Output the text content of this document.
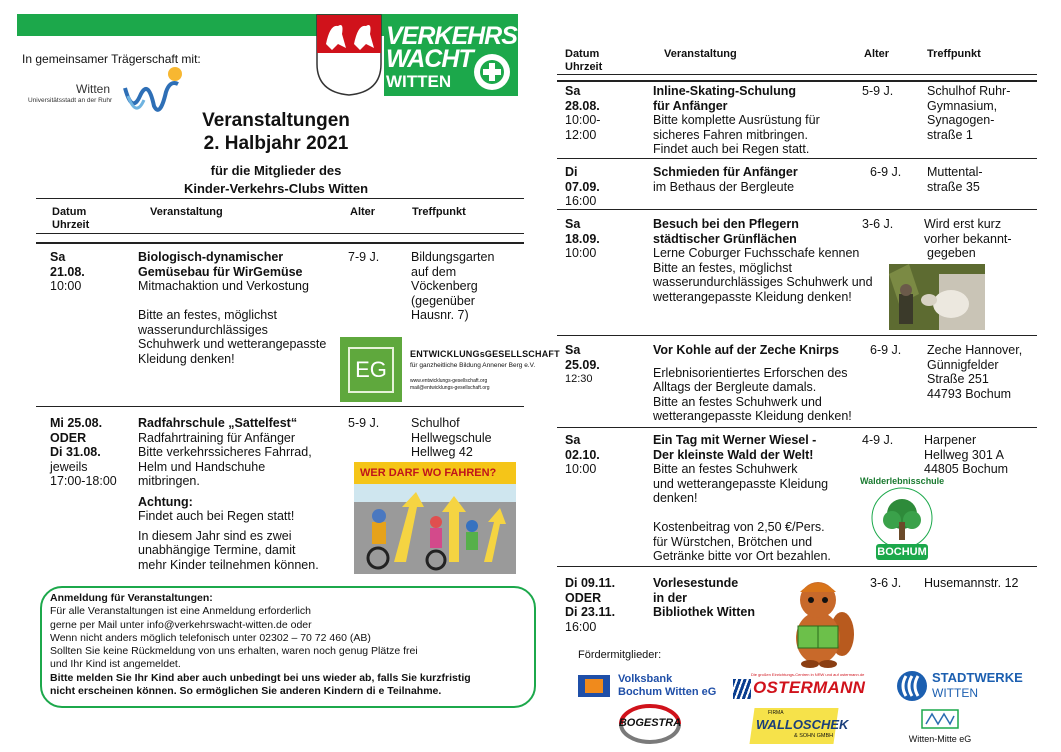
In gemeinsamer Trägerschaft mit:
Witten
Universitätsstadt an der Ruhr
VERKEHRS
WACHT
WITTEN
Veranstaltungen
2. Halbjahr 2021
für die Mitglieder des
Kinder-Verkehrs-Clubs Witten
Datum
Uhrzeit
Veranstaltung	Alter	Treffpunkt
Sa
21.08.
10:00
Biologisch-dynamischer
Gemüsebau für WirGemüse
Mitmachaktion und Verkostung
Bitte an festes, möglichst
wasserundurchlässiges
Schuhwerk und wetterangepasste
Kleidung denken!
7-9 J.	Bildungsgarten
auf dem
Vöckenberg
(gegenüber
Hausnr. 7)
EG
ENTWICKLUNGsGESELLSCHAFT
für ganzheitliche Bildung Annener Berg e.V.
www.entwicklungs-gesellschaft.org
mail@entwicklungs-gesellschaft.org
Mi 25.08.
ODER
Di 31.08.
jeweils
17:00-18:00
Radfahrschule „Sattelfest“
Radfahrtraining für Anfänger
Bitte verkehrssicheres Fahrrad,
Helm und Handschuhe
mitbringen.
Achtung:
Findet auch bei Regen statt!
In diesem Jahr sind es zwei
unabhängige Termine, damit
mehr Kinder teilnehmen können.
5-9 J.	Schulhof
Hellwegschule
Hellweg 42
WER DARF WO FAHREN?
Anmeldung für Veranstaltungen:
Für alle Veranstaltungen ist eine Anmeldung erforderlich
gerne per Mail unter info@verkehrswacht-witten.de oder
Wenn nicht anders möglich telefonisch unter 02302 – 70 72 460 (AB)
Sollten Sie keine Rückmeldung von uns erhalten, waren noch genug Plätze frei
und Ihr Kind ist angemeldet.
Bitte melden Sie Ihr Kind aber auch unbedingt bei uns wieder ab, falls Sie kurzfristig
nicht erscheinen können. So ermöglichen Sie anderen Kindern di e Teilnahme.
Datum
Uhrzeit
Veranstaltung	Alter	Treffpunkt
Sa
28.08.
10:00-
12:00
Inline-Skating-Schulung
für Anfänger
Bitte komplette Ausrüstung für
sicheres Fahren mitbringen.
Findet auch bei Regen statt.
5-9 J.	Schulhof Ruhr-
Gymnasium,
Synagogen-
straße 1
Di
07.09.
16:00
Schmieden für Anfänger
im Bethaus der Bergleute
6-9 J. Muttental-
straße 35
Sa
18.09.
10:00
Besuch bei den Pflegern
städtischer Grünflächen
Lerne Coburger Fuchsschafe kennen
Bitte an festes, möglichst
wasserundurchlässiges Schuhwerk und
wetterangepasste Kleidung denken!
3-6 J. Wird erst kurz
vorher bekannt-
gegeben
Sa
25.09.
12:30
Vor Kohle auf der Zeche Knirps
Erlebnisorientiertes Erforschen des
Alltags der Bergleute damals.
Bitte an festes Schuhwerk und
wetterangepasste Kleidung denken!
6-9 J. Zeche Hannover,
Günnigfelder
Straße 251
44793 Bochum
Sa
02.10.
10:00
Ein Tag mit Werner Wiesel -
Der kleinste Wald der Welt!
Bitte an festes Schuhwerk
und wetterangepasste Kleidung
denken!
Kostenbeitrag von 2,50 €/Pers.
für Würstchen, Brötchen und
Getränke bitte vor Ort bezahlen.
4-9 J. Harpener
Hellweg 301 A
44805 Bochum
Walderlebnisschule
BOCHUM
Di 09.11.
ODER
Di 23.11.
16:00
Vorlesestunde
in der
Bibliothek Witten
3-6 J. Husemannstr. 12
Fördermitglieder:
Volksbank
Bochum Witten eG
Die großen Einrichtungs-Centren in NRW und auf ostermann.de
OSTERMANN
STADTWERKE
WITTEN
BOGESTRA
FIRMA
WALLOSCHEK
& SOHN GMBH	Witten-Mitte eG
